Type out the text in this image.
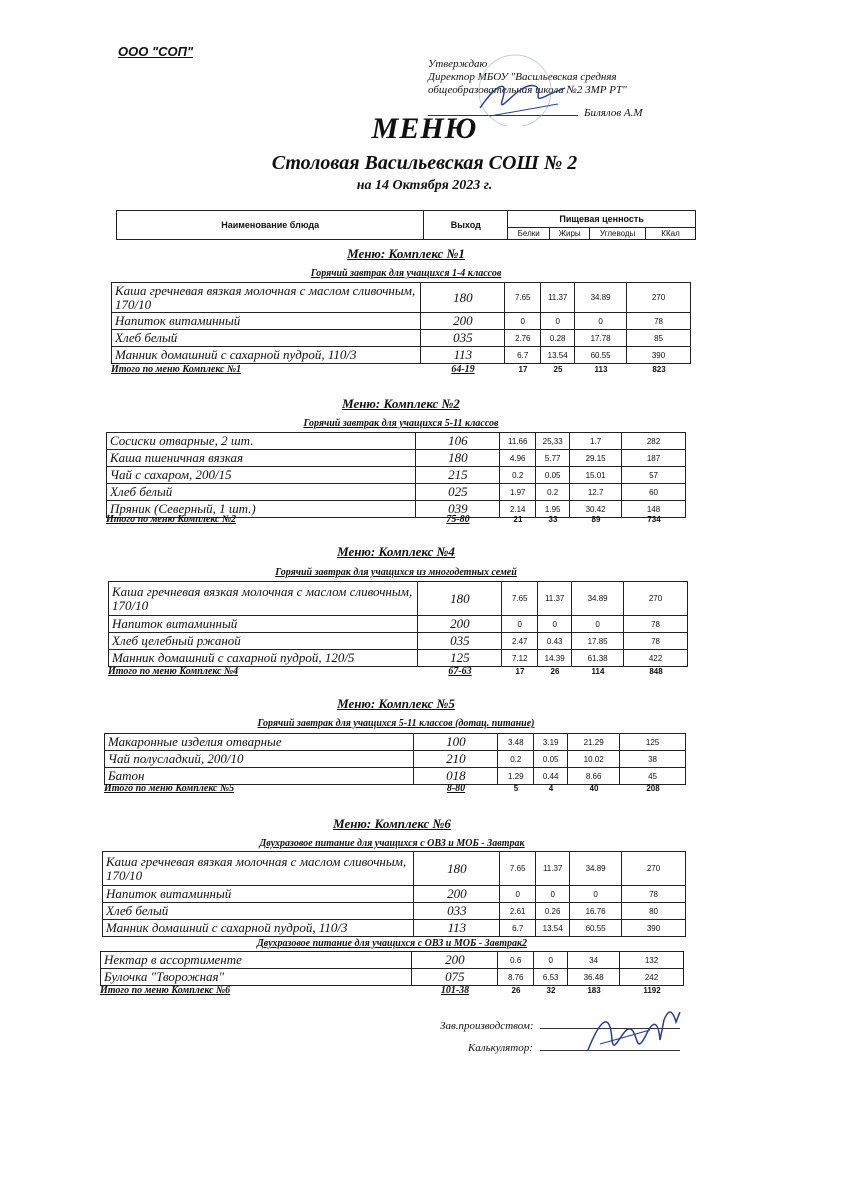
ООО "СОП"
Утверждаю
Директор МБОУ "Васильевская средняя
общеобразовательная школа №2 ЗМР РТ"
Билялов А.М
МЕНЮ
Столовая Васильевская СОШ № 2
на 14 Октября 2023 г.
Наименование блюда	Выход	Пищевая ценность			
		Белки	Жиры	Углеводы	ККал
Меню: Комплекс №1
Горячий завтрак для учащихся 1-4 классов
Каша гречневая вязкая молочная с маслом сливочным, 170/10	180	7.65	11.37	34.89	270
Напиток витаминный	200	0	0	0	78
Хлеб белый	035	2.76	0.28	17.78	85
Манник домашний с сахарной пудрой, 110/3	113	6.7	13.54	60.55	390
Итого по меню Комплекс №1	64-19	17	25	113	823
Меню: Комплекс №2
Горячий завтрак для учащихся 5-11 классов
Сосиски отварные, 2 шт.	106	11.66	25,33	1.7	282
Каша пшеничная вязкая	180	4.96	5.77	29.15	187
Чай с сахаром, 200/15	215	0.2	0.05	15.01	57
Хлеб белый	025	1.97	0.2	12.7	60
Пряник (Северный, 1 шт.)	039	2.14	1.95	30.42	148
Итого по меню Комплекс №2	75-80	21	33	89	734
Меню: Комплекс №4
Горячий завтрак для учащихся из многодетных семей
Каша гречневая вязкая молочная с маслом сливочным, 170/10	180	7.65	11.37	34.89	270
Напиток витаминный	200	0	0	0	78
Хлеб целебный ржаной	035	2.47	0.43	17.85	78
Манник домашний с сахарной пудрой, 120/5	125	7.12	14.39	61.38	422
Итого по меню Комплекс №4	67-63	17	26	114	848
Меню: Комплекс №5
Горячий завтрак для учащихся 5-11 классов (дотац. питание)
Макаронные изделия отварные	100	3.48	3.19	21.29	125
Чай полусладкий, 200/10	210	0.2	0.05	10.02	38
Батон	018	1.29	0.44	8.66	45
Итого по меню Комплекс №5	8-80	5	4	40	208
Меню: Комплекс №6
Двухразовое питание для учащихся с ОВЗ и МОБ - Завтрак
Каша гречневая вязкая молочная с маслом сливочным, 170/10	180	7.65	11.37	34.89	270
Напиток витаминный	200	0	0	0	78
Хлеб белый	033	2.61	0.26	16.76	80
Манник домашний с сахарной пудрой, 110/3	113	6.7	13.54	60.55	390
Двухразовое питание для учащихся с ОВЗ и МОБ - Завтрак2
Нектар в ассортименте	200	0.6	0	34	132
Булочка "Творожная"	075	8.76	6.53	36.48	242
Итого по меню Комплекс №6	101-38	26	32	183	1192
Зав.производством:
Калькулятор:
